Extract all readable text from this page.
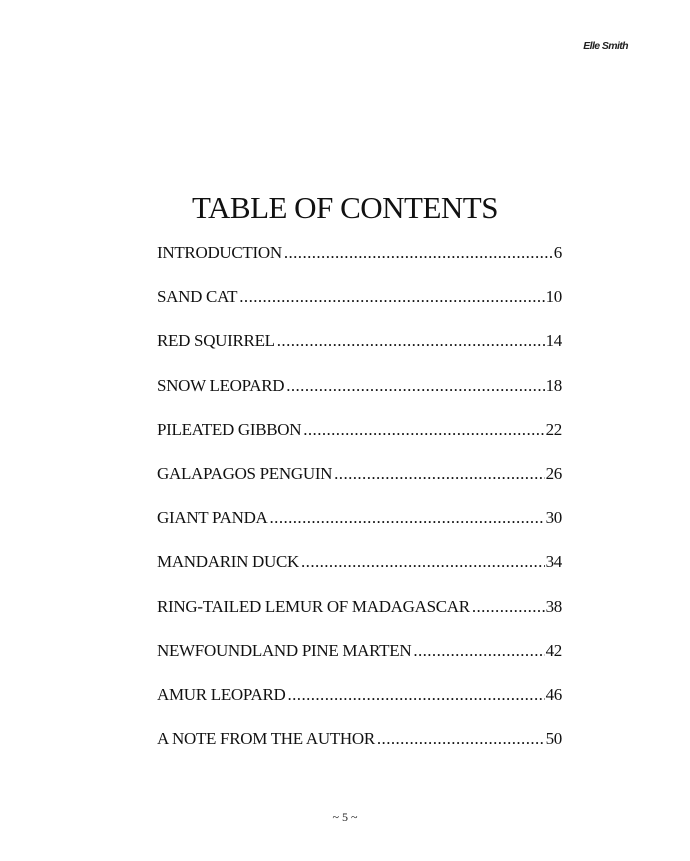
Elle Smith
TABLE OF CONTENTS
INTRODUCTION .....	6
SAND CAT .....	10
RED SQUIRREL .....	14
SNOW LEOPARD .....	18
PILEATED GIBBON .....	22
GALAPAGOS PENGUIN .....	26
GIANT PANDA .....	30
MANDARIN DUCK .....	34
RING-TAILED LEMUR OF MADAGASCAR .....	38
NEWFOUNDLAND PINE MARTEN .....	42
AMUR LEOPARD .....	46
A NOTE FROM THE AUTHOR .....	50
~ 5 ~
